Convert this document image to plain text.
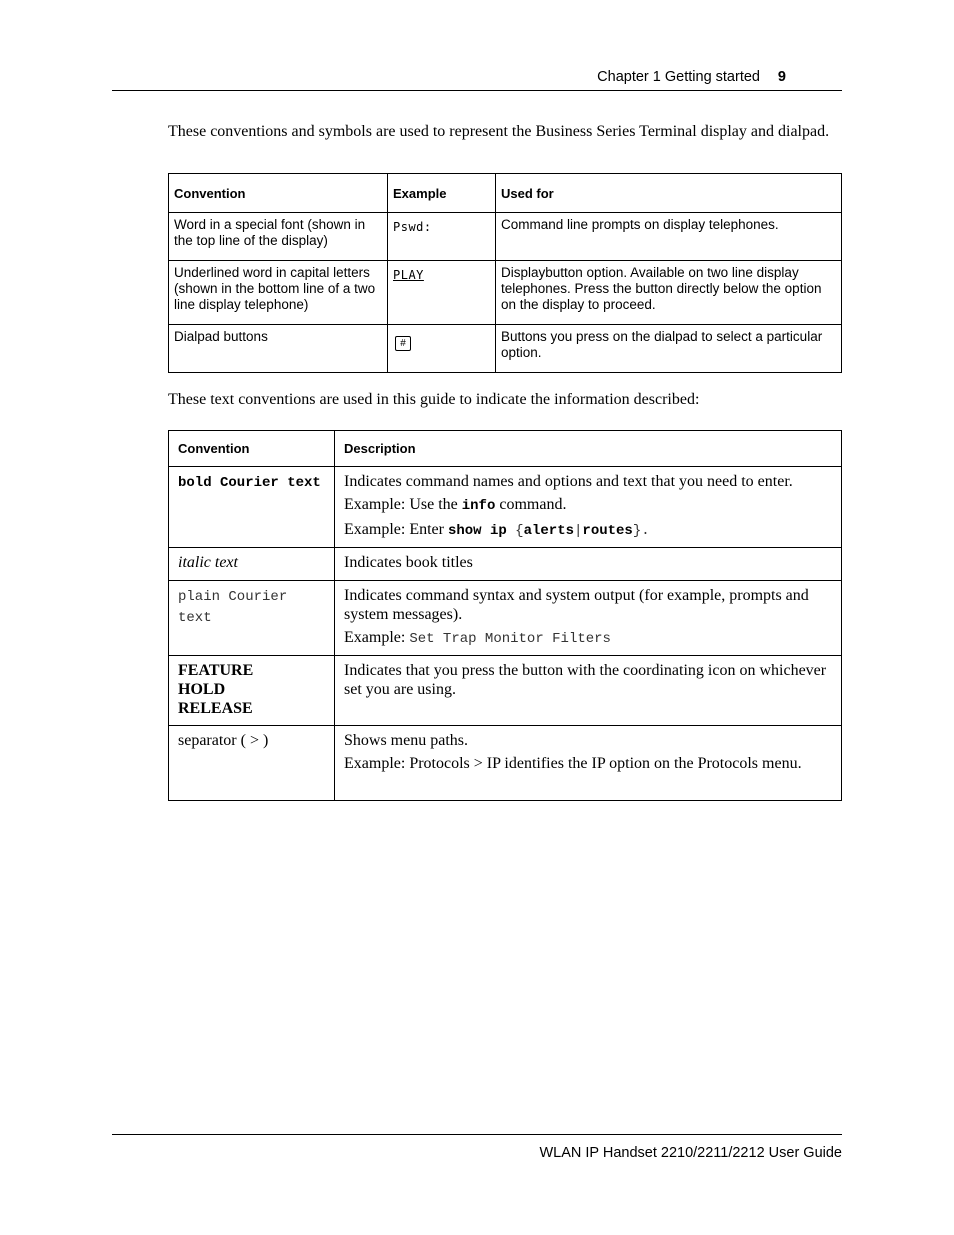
Chapter 1 Getting started 9
These conventions and symbols are used to represent the Business Series Terminal display and dialpad.
Convention	Example	Used for
Word in a special font (shown in the top line of the display)	Pswd:	Command line prompts on display telephones.
Underlined word in capital letters (shown in the bottom line of a two line display telephone)	PLAY	Displaybutton option. Available on two line display telephones. Press the button directly below the option on the display to proceed.
Dialpad buttons	#	Buttons you press on the dialpad to select a particular option.
These text conventions are used in this guide to indicate the information described:
Convention	Description
bold Courier text	Indicates command names and options and text that you need to enter.

Example: Use the info command.

Example: Enter show ip {alerts|routes}.

italic text	Indicates book titles
plain Courier text	Indicates command syntax and system output (for example, prompts and system messages).

Example: Set Trap Monitor Filters

FEATURE
HOLD
RELEASE	Indicates that you press the button with the coordinating icon on whichever set you are using.
separator ( > )	Shows menu paths.

Example: Protocols > IP identifies the IP option on the Protocols menu.

WLAN IP Handset 2210/2211/2212 User Guide
